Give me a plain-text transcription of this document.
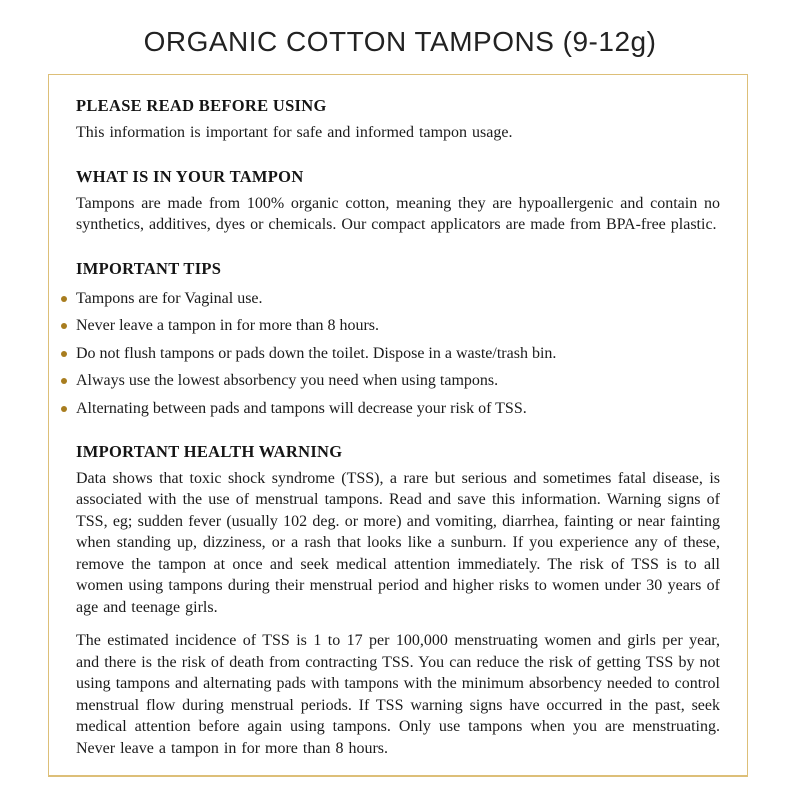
ORGANIC COTTON TAMPONS (9-12g)
PLEASE READ BEFORE USING

This information is important for safe and informed tampon usage.

WHAT IS IN YOUR TAMPON

Tampons are made from 100% organic cotton, meaning they are hypoallergenic and contain no synthetics, additives, dyes or chemicals. Our compact applicators are made from BPA-free plastic.

IMPORTANT TIPS
Tampons are for Vaginal use.
Never leave a tampon in for more than 8 hours.
Do not flush tampons or pads down the toilet. Dispose in a waste/trash bin.
Always use the lowest absorbency you need when using tampons.
Alternating between pads and tampons will decrease your risk of TSS.
IMPORTANT HEALTH WARNING

Data shows that toxic shock syndrome (TSS), a rare but serious and sometimes fatal disease, is associated with the use of menstrual tampons. Read and save this information. Warning signs of TSS, eg; sudden fever (usually 102 deg. or more) and vomiting, diarrhea, fainting or near fainting when standing up, dizziness, or a rash that looks like a sunburn. If you experience any of these, remove the tampon at once and seek medical attention immediately. The risk of TSS is to all women using tampons during their menstrual period and higher risks to women under 30 years of age and teenage girls.

The estimated incidence of TSS is 1 to 17 per 100,000 menstruating women and girls per year, and there is the risk of death from contracting TSS. You can reduce the risk of getting TSS by not using tampons and alternating pads with tampons with the minimum absorbency needed to control menstrual flow during menstrual periods. If TSS warning signs have occurred in the past, seek medical attention before again using tampons. Only use tampons when you are menstruating. Never leave a tampon in for more than 8 hours.
